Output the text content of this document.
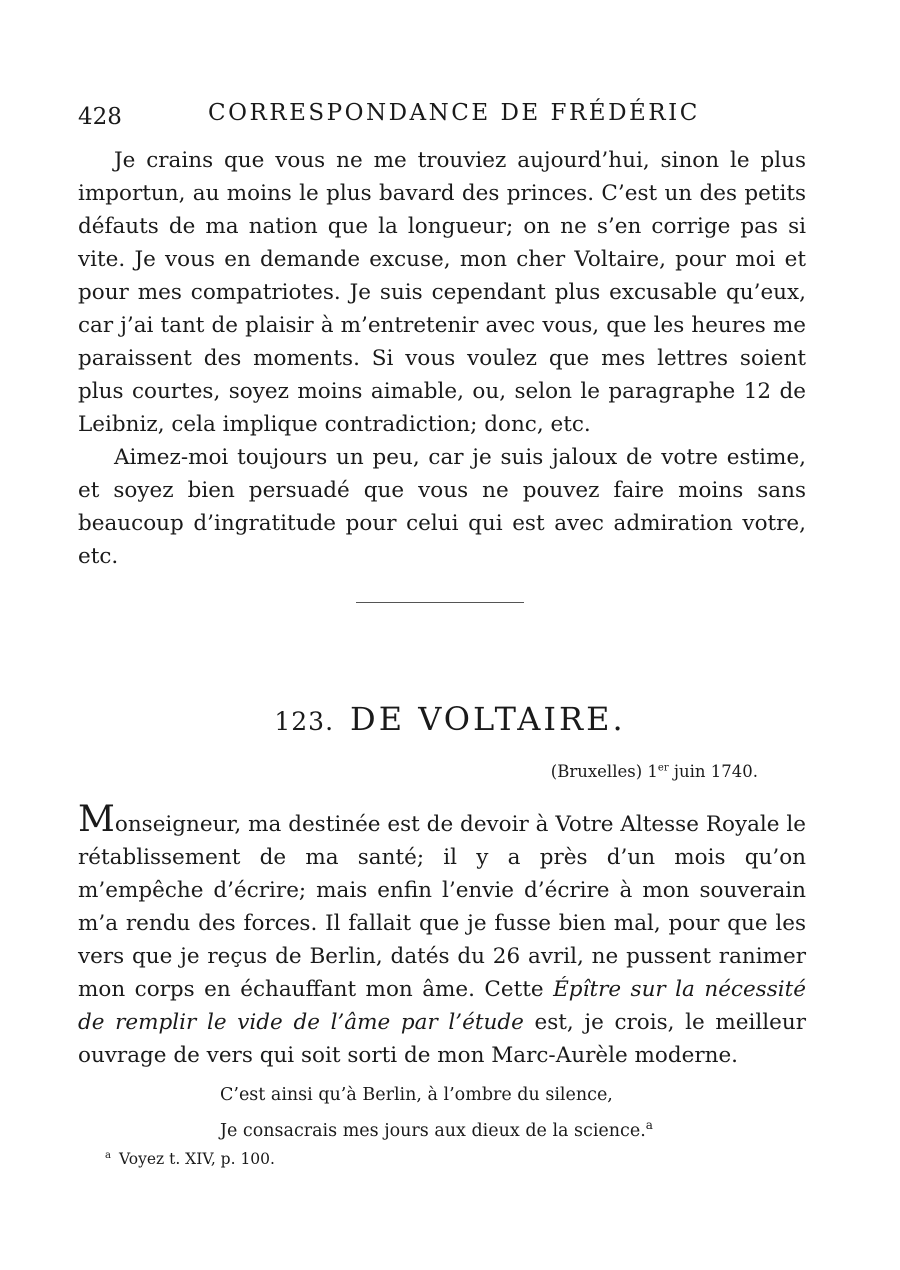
428	CORRESPONDANCE DE FRÉDÉRIC

Je crains que vous ne me trouviez aujourd’hui, sinon le plus importun, au moins le plus bavard des princes. C’est un des petits défauts de ma nation que la longueur; on ne s’en corrige pas si vite. Je vous en demande excuse, mon cher Voltaire, pour moi et pour mes compatriotes. Je suis cependant plus excusable qu’eux, car j’ai tant de plaisir à m’entretenir avec vous, que les heures me paraissent des moments. Si vous voulez que mes lettres soient plus courtes, soyez moins aimable, ou, selon le paragraphe 12 de Leibniz, cela implique contradiction; donc, etc.

Aimez-moi toujours un peu, car je suis jaloux de votre estime, et soyez bien persuadé que vous ne pouvez faire moins sans beaucoup d’ingratitude pour celui qui est avec admiration votre, etc.

123. DE VOLTAIRE.
(Bruxelles) 1er juin 1740.

Monseigneur, ma destinée est de devoir à Votre Altesse Royale le rétablissement de ma santé; il y a près d’un mois qu’on m’empêche d’écrire; mais enfin l’envie d’écrire à mon souverain m’a rendu des forces. Il fallait que je fusse bien mal, pour que les vers que je reçus de Berlin, datés du 26 avril, ne pussent ranimer mon corps en échauffant mon âme. Cette Épître sur la nécessité de remplir le vide de l’âme par l’étude est, je crois, le meilleur ouvrage de vers qui soit sorti de mon Marc-Aurèle moderne.

C’est ainsi qu’à Berlin, à l’ombre du silence,
Je consacrais mes jours aux dieux de la science.$^a$
$^a$ Voyez t. XIV, p. 100.
